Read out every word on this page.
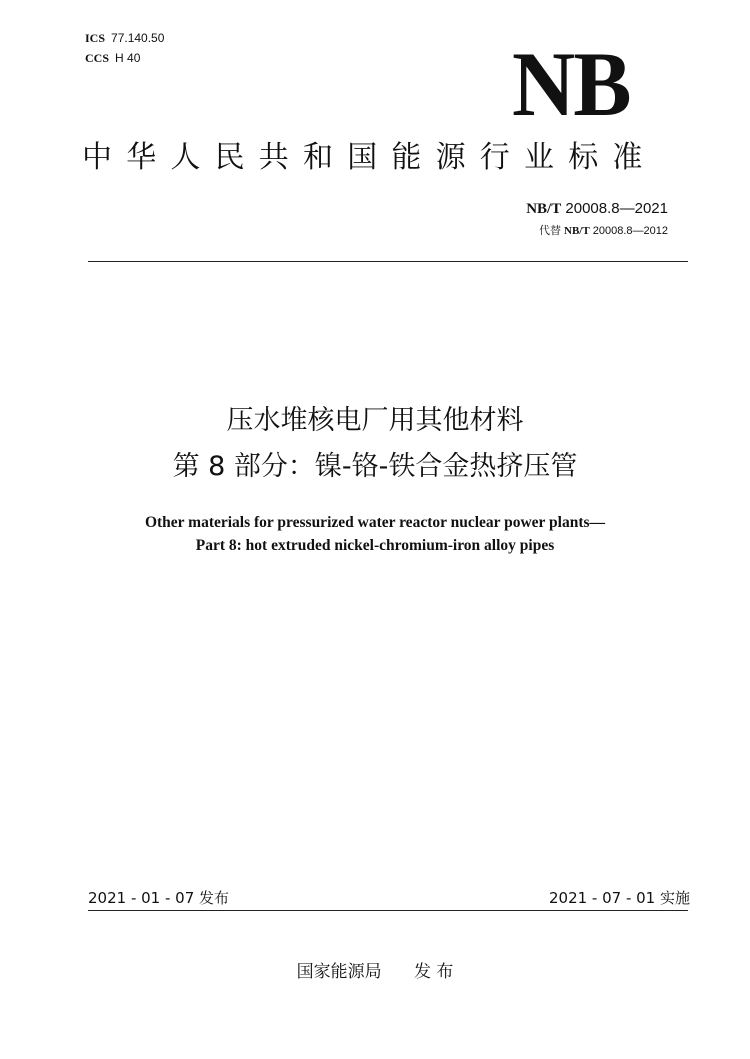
ICS 77.140.50
CCS H 40	NB
中华人民共和国能源行业标准
NB/T 20008.8—2021
代替 NB/T 20008.8—2012
压水堆核电厂用其他材料
第 8 部分：镍-铬-铁合金热挤压管
Other materials for pressurized water reactor nuclear power plants—
Part 8: hot extruded nickel-chromium-iron alloy pipes
2021 - 01 - 07 发布	2021 - 07 - 01 实施
国家能源局 发 布
